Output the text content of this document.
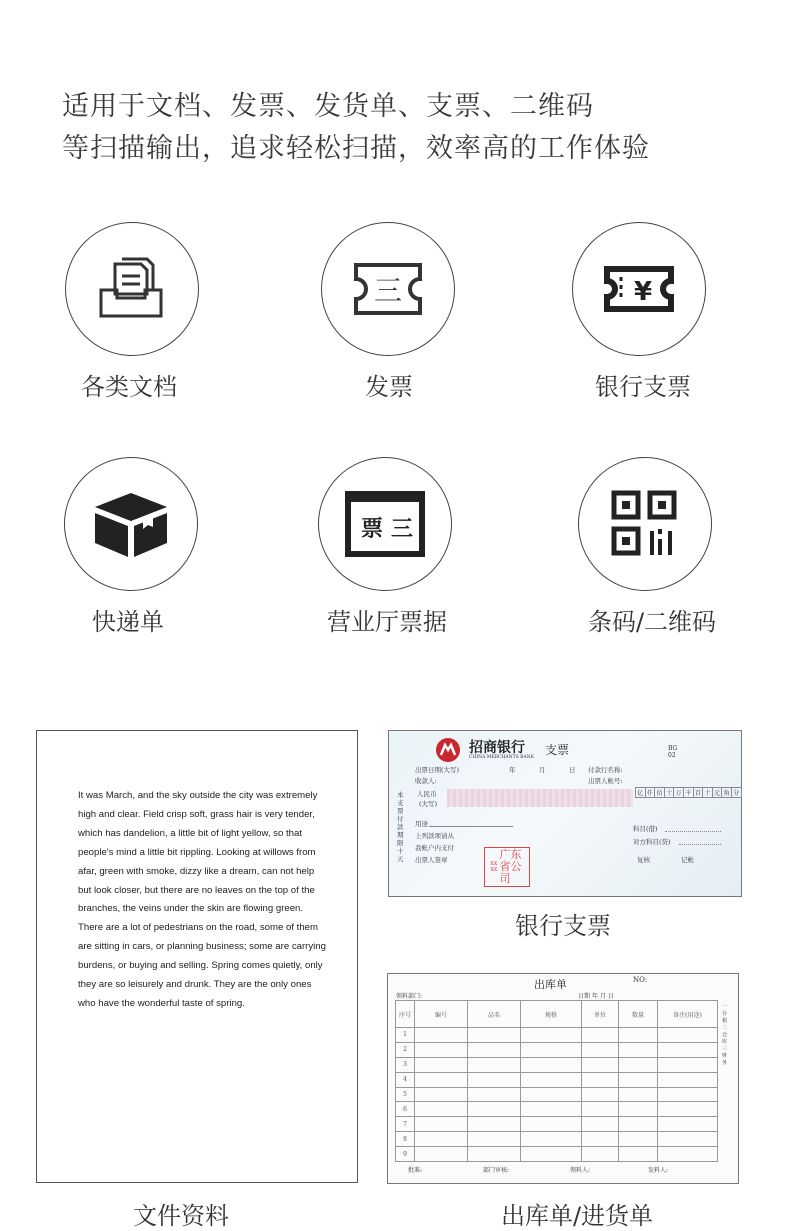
适用于文档、发票、发货单、支票、二维码
等扫描输出，追求轻松扫描，效率高的工作体验
三	¥
各类文档	发票	银行支票
票 三
快递单	营业厅票据	条码/二维码
It was March, and the sky outside the city was extremely high and clear. Field crisp soft, grass hair is very tender, which has dandelion, a little bit of light yellow, so that people's mind a little bit rippling. Looking at willows from afar, green with smoke, dizzy like a dream, can not help but look closer, but there are no leaves on the top of the branches, the veins under the skin are flowing green. There are a lot of pedestrians on the road, some of them are sitting in cars, or planning business; some are carrying burdens, or buying and selling. Spring comes quietly, only they are so leisurely and drunk. They are the only ones who have the wonderful taste of spring.
文件资料
招商银行
CHINA MERCHANTS BANK
支票	BG 02
出票日期(大写)	年	月	日 付款行名称:
收款人:	出票人帐号:
本支票付款期限十天
人民币
(大写)
亿 仟 佰 十 万 千 百 十 元 角 分
用途
上列款项请从
我帐户内支付
出票人签章	xx xx
广东省公司
科目(借)
对方科目(贷)
复核	记帐
银行支票
出库单	NO:
领料部门:	日期 年 月 日
序号	编号	品名	规格	单位	数量	备注(用途)
1						
2						
3						
4						
5						
6						
7						
8						
9						
一存根 二仓库 三财务
批准:	部门审核:	领料人:	发料人:
出库单/进货单
